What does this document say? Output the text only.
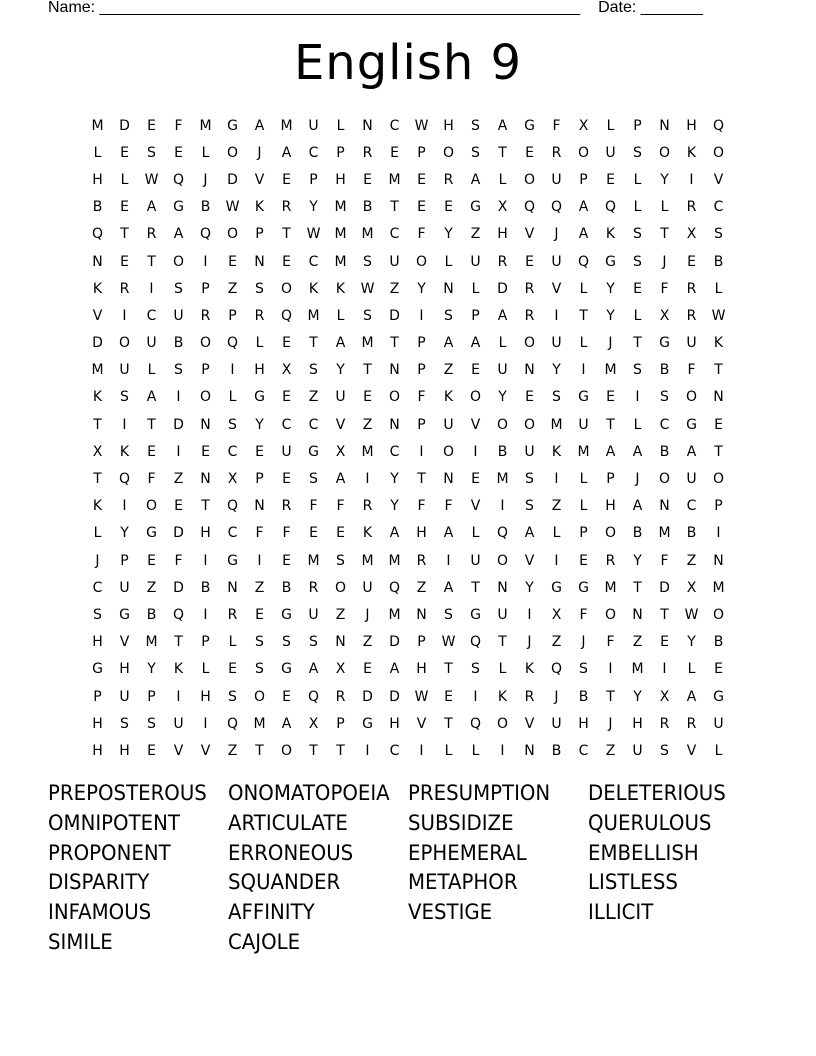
Name: ______________________________________________________ Date: _______
English 9
M	D	E	F	M	G	A	M	U	L	N	C	W	H	S	A	G	F	X	L	P	N	H	Q
L	E	S	E	L	O	J	A	C	P	R	E	P	O	S	T	E	R	O	U	S	O	K	O
H	L	W	Q	J	D	V	E	P	H	E	M	E	R	A	L	O	U	P	E	L	Y	I	V
B	E	A	G	B	W	K	R	Y	M	B	T	E	E	G	X	Q	Q	A	Q	L	L	R	C
Q	T	R	A	Q	O	P	T	W	M	M	C	F	Y	Z	H	V	J	A	K	S	T	X	S
N	E	T	O	I	E	N	E	C	M	S	U	O	L	U	R	E	U	Q	G	S	J	E	B
K	R	I	S	P	Z	S	O	K	K	W	Z	Y	N	L	D	R	V	L	Y	E	F	R	L
V	I	C	U	R	P	R	Q	M	L	S	D	I	S	P	A	R	I	T	Y	L	X	R	W
D	O	U	B	O	Q	L	E	T	A	M	T	P	A	A	L	O	U	L	J	T	G	U	K
M	U	L	S	P	I	H	X	S	Y	T	N	P	Z	E	U	N	Y	I	M	S	B	F	T
K	S	A	I	O	L	G	E	Z	U	E	O	F	K	O	Y	E	S	G	E	I	S	O	N
T	I	T	D	N	S	Y	C	C	V	Z	N	P	U	V	O	O	M	U	T	L	C	G	E
X	K	E	I	E	C	E	U	G	X	M	C	I	O	I	B	U	K	M	A	A	B	A	T
T	Q	F	Z	N	X	P	E	S	A	I	Y	T	N	E	M	S	I	L	P	J	O	U	O
K	I	O	E	T	Q	N	R	F	F	R	Y	F	F	V	I	S	Z	L	H	A	N	C	P
L	Y	G	D	H	C	F	F	E	E	K	A	H	A	L	Q	A	L	P	O	B	M	B	I
J	P	E	F	I	G	I	E	M	S	M	M	R	I	U	O	V	I	E	R	Y	F	Z	N
C	U	Z	D	B	N	Z	B	R	O	U	Q	Z	A	T	N	Y	G	G	M	T	D	X	M
S	G	B	Q	I	R	E	G	U	Z	J	M	N	S	G	U	I	X	F	O	N	T	W	O
H	V	M	T	P	L	S	S	S	N	Z	D	P	W	Q	T	J	Z	J	F	Z	E	Y	B
G	H	Y	K	L	E	S	G	A	X	E	A	H	T	S	L	K	Q	S	I	M	I	L	E
P	U	P	I	H	S	O	E	Q	R	D	D	W	E	I	K	R	J	B	T	Y	X	A	G
H	S	S	U	I	Q	M	A	X	P	G	H	V	T	Q	O	V	U	H	J	H	R	R	U
H	H	E	V	V	Z	T	O	T	T	I	C	I	L	L	I	N	B	C	Z	U	S	V	L
PREPOSTEROUS	ONOMATOPOEIA PRESUMPTION	DELETERIOUS
OMNIPOTENT	ARTICULATE	SUBSIDIZE	QUERULOUS
PROPONENT	ERRONEOUS	EPHEMERAL	EMBELLISH
DISPARITY	SQUANDER	METAPHOR	LISTLESS
INFAMOUS	AFFINITY	VESTIGE	ILLICIT
SIMILE	CAJOLE
